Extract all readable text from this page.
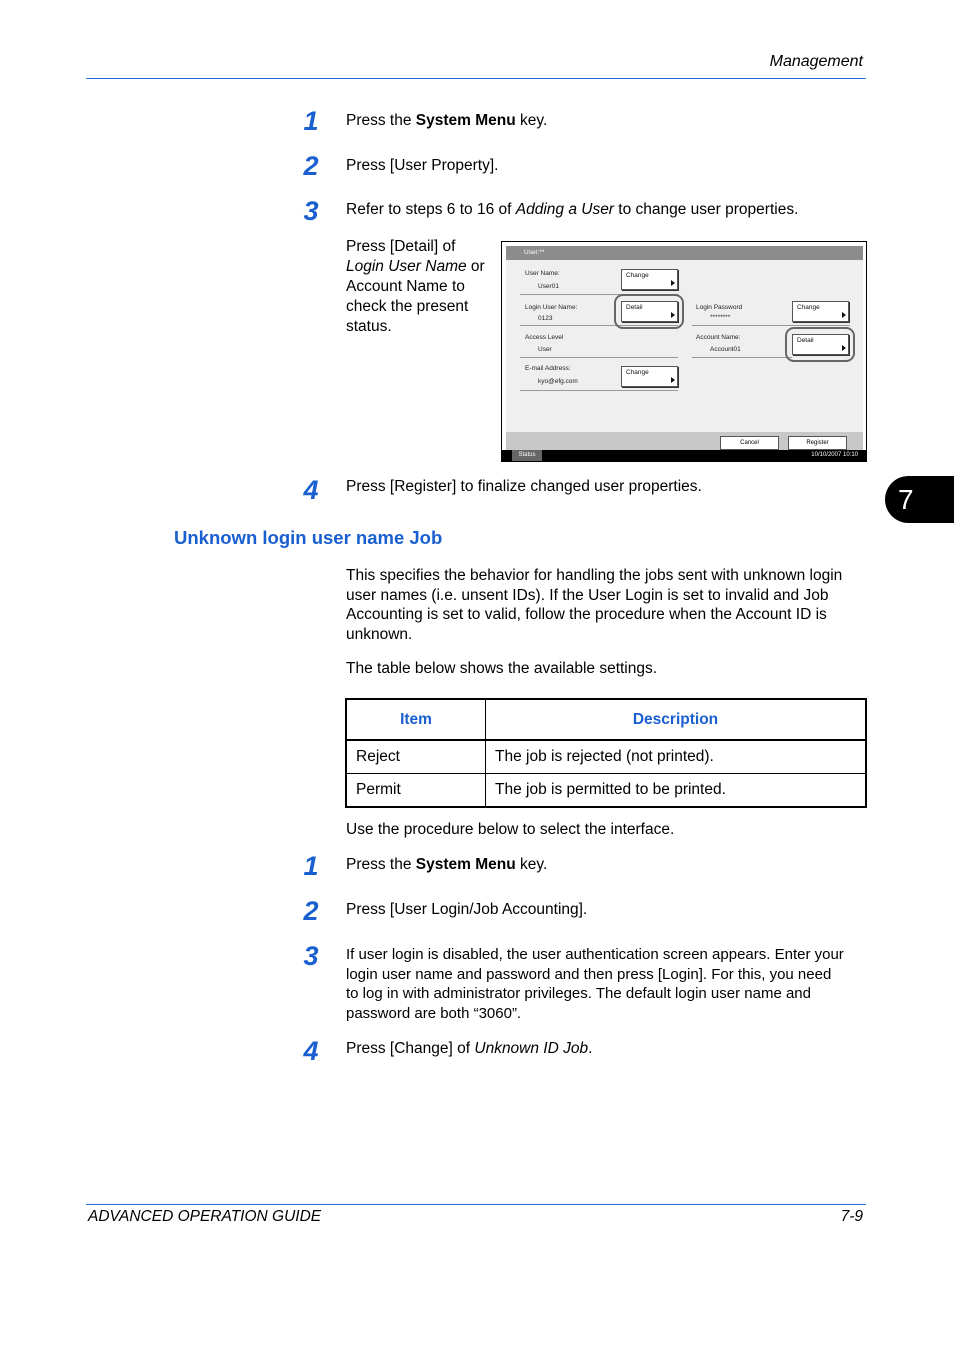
Management
7
1	Press the System Menu key.
2	Press [User Property].
3	Refer to steps 6 to 16 of Adding a User to change user properties.
Press [Detail] of
Login User Name or
Account Name to
check the present
status.
User:**
User Name:
User01
Change
Login User Name:
0123
Detail
Access Level
User
E-mail Address:
kyo@efg.com
Change
Login Password
********
Change
Account Name:
Account01
Detail
Cancel	Register
Status	10/10/2007 10:10
4	Press [Register] to finalize changed user properties.
Unknown login user name Job
This specifies the behavior for handling the jobs sent with unknown login
user names (i.e. unsent IDs). If the User Login is set to invalid and Job
Accounting is set to valid, follow the procedure when the Account ID is
unknown.
The table below shows the available settings.
Item	Description
Reject	The job is rejected (not printed).
Permit	The job is permitted to be printed.
Use the procedure below to select the interface.
1	Press the System Menu key.
2	Press [User Login/Job Accounting].
3	If user login is disabled, the user authentication screen appears. Enter your
login user name and password and then press [Login]. For this, you need
to log in with administrator privileges. The default login user name and
password are both “3060”.
4	Press [Change] of Unknown ID Job.
ADVANCED OPERATION GUIDE	7-9
